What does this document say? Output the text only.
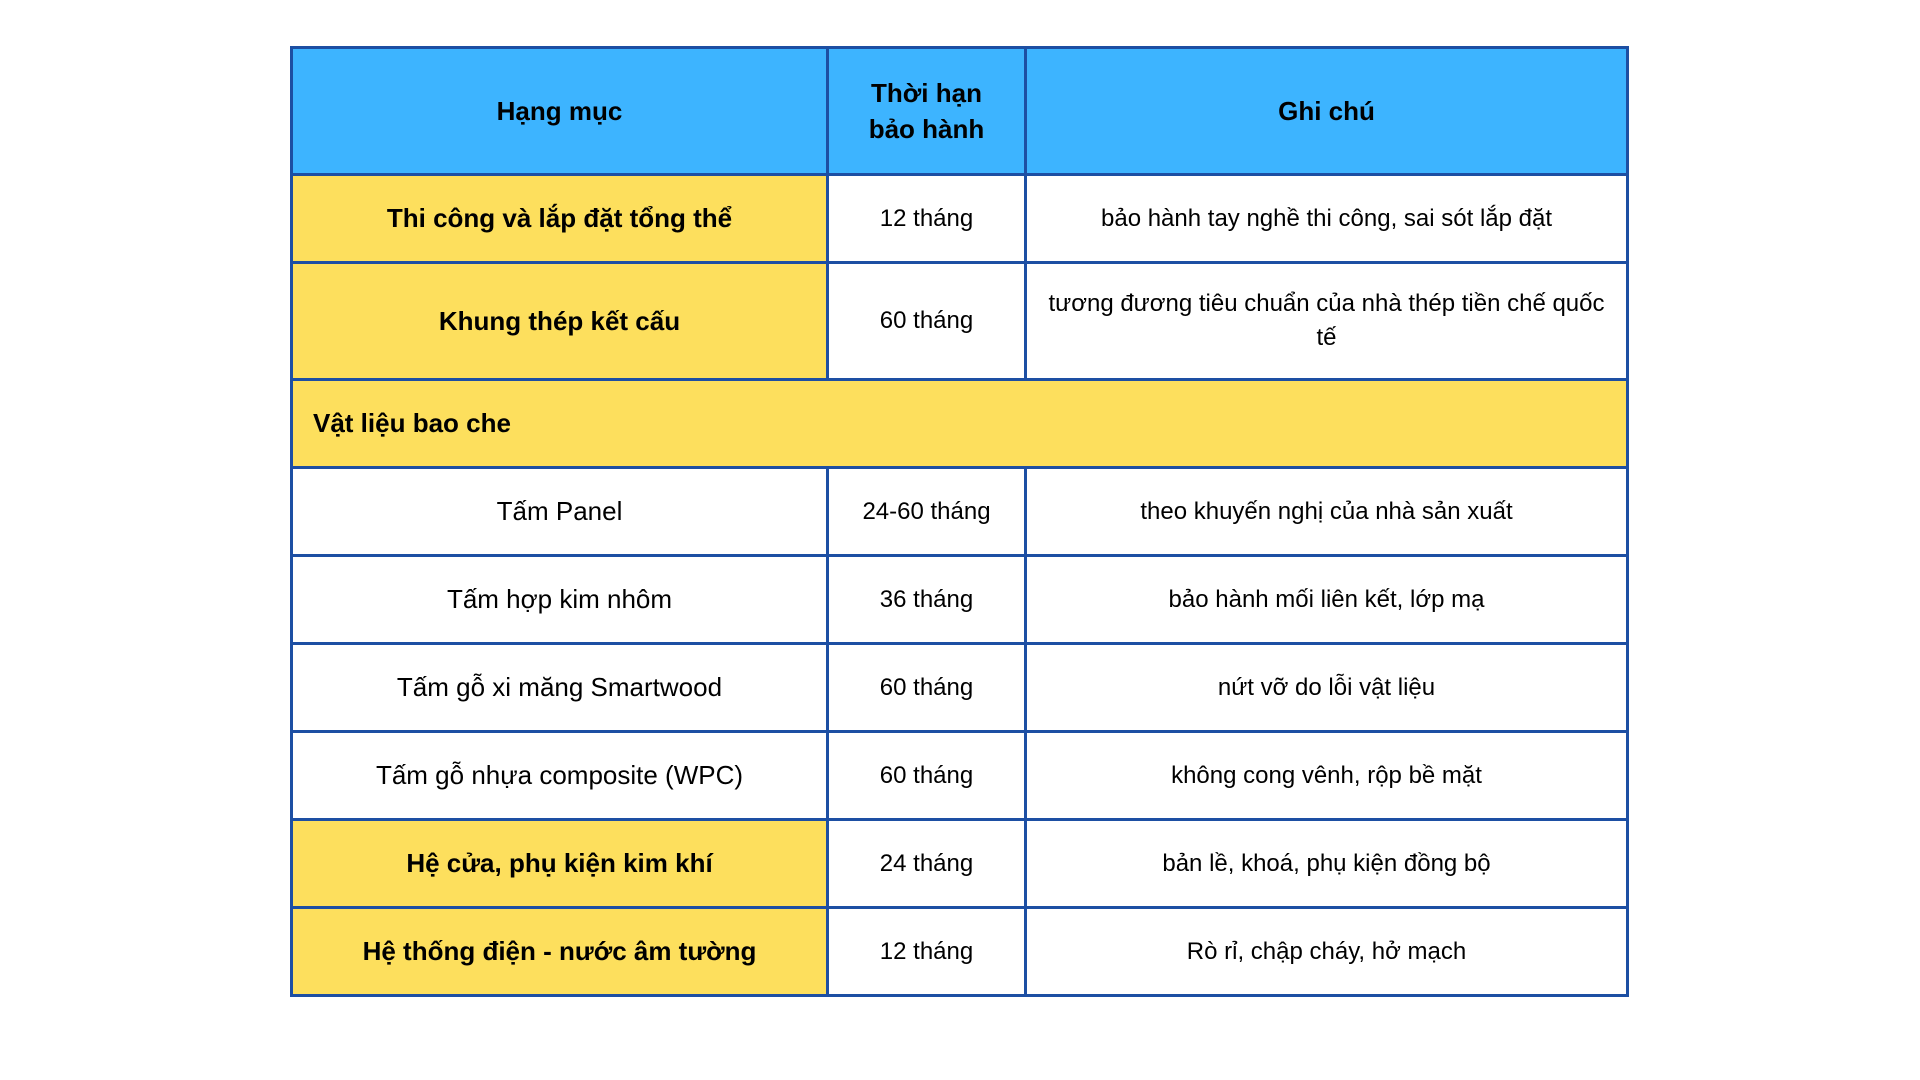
Hạng mục	Thời hạn bảo hành	Ghi chú
Thi công và lắp đặt tổng thể	12 tháng	bảo hành tay nghề thi công, sai sót lắp đặt
Khung thép kết cấu	60 tháng	tương đương tiêu chuẩn của nhà thép tiền chế quốc tế
Vật liệu bao che		
Tấm Panel	24-60 tháng	theo khuyến nghị của nhà sản xuất
Tấm hợp kim nhôm	36 tháng	bảo hành mối liên kết, lớp mạ
Tấm gỗ xi măng Smartwood	60 tháng	nứt vỡ do lỗi vật liệu
Tấm gỗ nhựa composite (WPC)	60 tháng	không cong vênh, rộp bề mặt
Hệ cửa, phụ kiện kim khí	24 tháng	bản lề, khoá, phụ kiện đồng bộ
Hệ thống điện - nước âm tường	12 tháng	Rò rỉ, chập cháy, hở mạch
